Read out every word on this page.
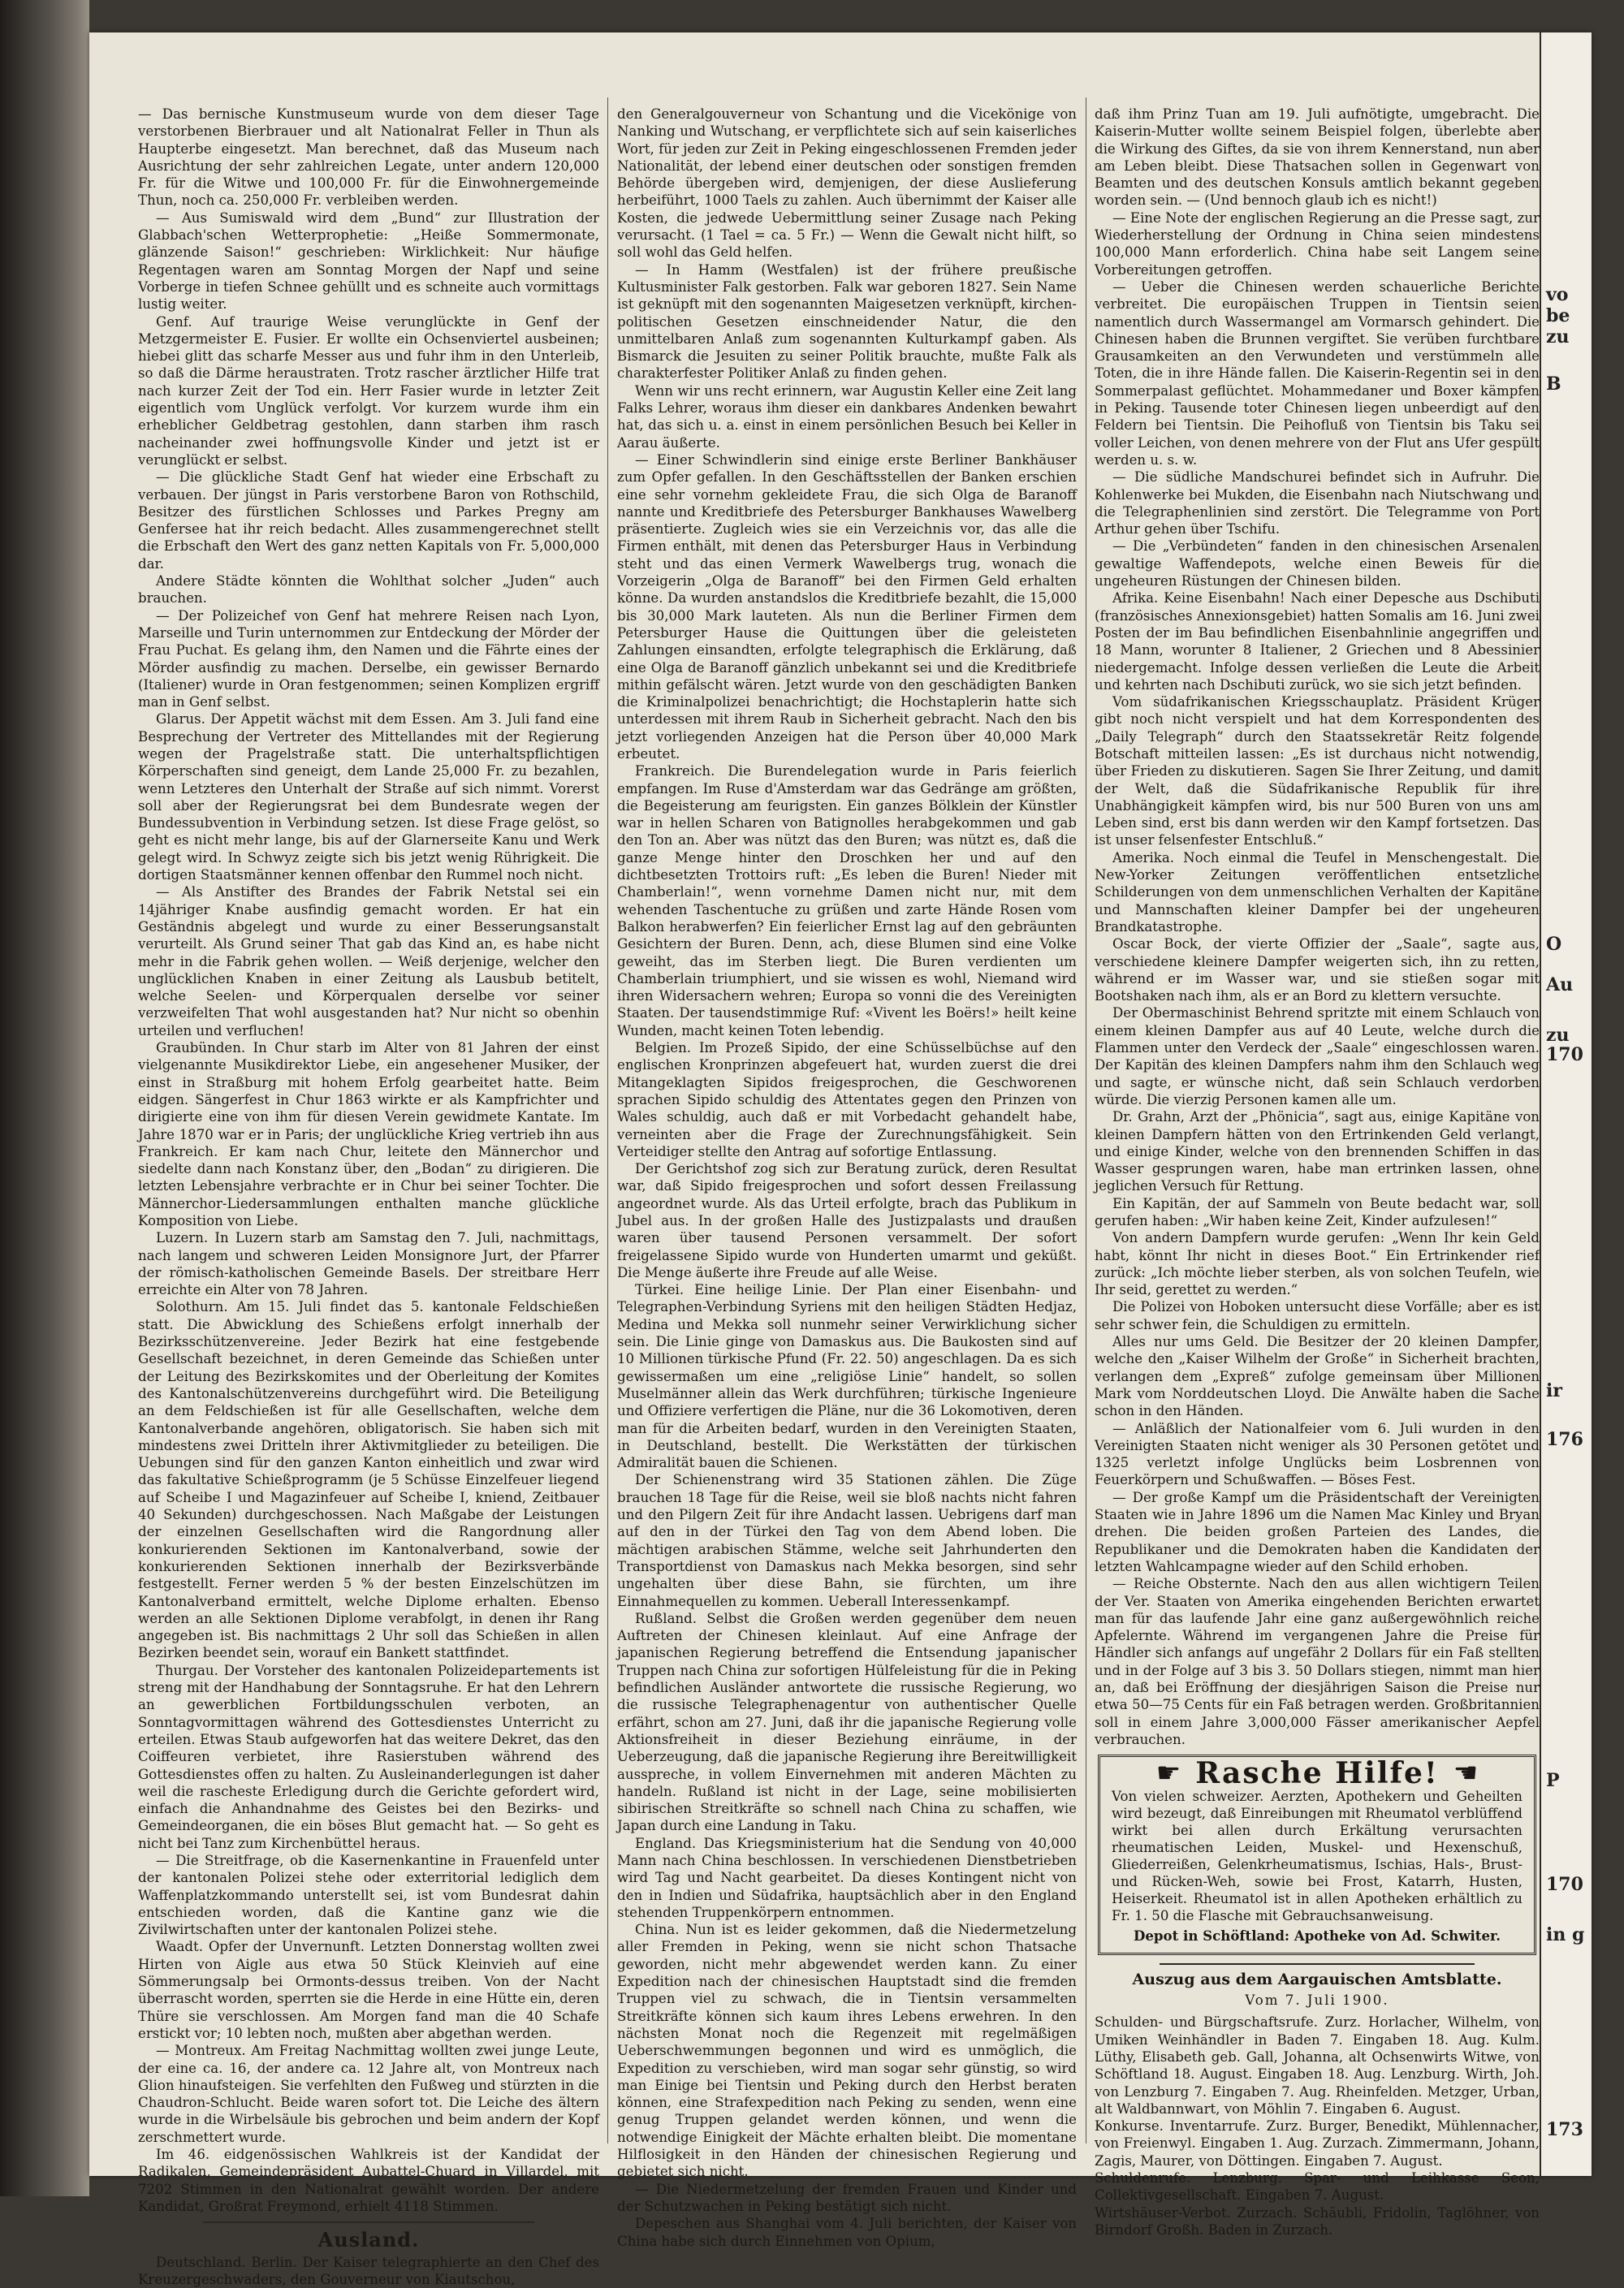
— Das bernische Kunstmuseum wurde von dem dieser Tage verstorbenen Bierbrauer und alt Nationalrat Feller in Thun als Haupterbe eingesetzt. Man berechnet, daß das Museum nach Ausrichtung der sehr zahlreichen Legate, unter andern 120,000 Fr. für die Witwe und 100,000 Fr. für die Einwohnergemeinde Thun, noch ca. 250,000 Fr. verbleiben werden.

— Aus Sumiswald wird dem „Bund“ zur Illustration der Glabbach'schen Wetterprophetie: „Heiße Sommermonate, glänzende Saison!“ geschrieben: Wirklichkeit: Nur häufige Regentagen waren am Sonntag Morgen der Napf und seine Vorberge in tiefen Schnee gehüllt und es schneite auch vormittags lustig weiter.

Genf. Auf traurige Weise verunglückte in Genf der Metzgermeister E. Fusier. Er wollte ein Ochsenviertel ausbeinen; hiebei glitt das scharfe Messer aus und fuhr ihm in den Unterleib, so daß die Därme heraustraten. Trotz rascher ärztlicher Hilfe trat nach kurzer Zeit der Tod ein. Herr Fasier wurde in letzter Zeit eigentlich vom Unglück verfolgt. Vor kurzem wurde ihm ein erheblicher Geldbetrag gestohlen, dann starben ihm rasch nacheinander zwei hoffnungsvolle Kinder und jetzt ist er verunglückt er selbst.

— Die glückliche Stadt Genf hat wieder eine Erbschaft zu verbauen. Der jüngst in Paris verstorbene Baron von Rothschild, Besitzer des fürstlichen Schlosses und Parkes Pregny am Genfersee hat ihr reich bedacht. Alles zusammengerechnet stellt die Erbschaft den Wert des ganz netten Kapitals von Fr. 5,000,000 dar.

Andere Städte könnten die Wohlthat solcher „Juden“ auch brauchen.

— Der Polizeichef von Genf hat mehrere Reisen nach Lyon, Marseille und Turin unternommen zur Entdeckung der Mörder der Frau Puchat. Es gelang ihm, den Namen und die Fährte eines der Mörder ausfindig zu machen. Derselbe, ein gewisser Bernardo (Italiener) wurde in Oran festgenommen; seinen Komplizen ergriff man in Genf selbst.

Glarus. Der Appetit wächst mit dem Essen. Am 3. Juli fand eine Besprechung der Vertreter des Mittellandes mit der Regierung wegen der Pragelstraße statt. Die unterhaltspflichtigen Körperschaften sind geneigt, dem Lande 25,000 Fr. zu bezahlen, wenn Letzteres den Unterhalt der Straße auf sich nimmt. Vorerst soll aber der Regierungsrat bei dem Bundesrate wegen der Bundessubvention in Verbindung setzen. Ist diese Frage gelöst, so geht es nicht mehr lange, bis auf der Glarnerseite Kanu und Werk gelegt wird. In Schwyz zeigte sich bis jetzt wenig Rührigkeit. Die dortigen Staatsmänner kennen offenbar den Rummel noch nicht.

— Als Anstifter des Brandes der Fabrik Netstal sei ein 14jähriger Knabe ausfindig gemacht worden. Er hat ein Geständnis abgelegt und wurde zu einer Besserungsanstalt verurteilt. Als Grund seiner That gab das Kind an, es habe nicht mehr in die Fabrik gehen wollen. — Weiß derjenige, welcher den unglücklichen Knaben in einer Zeitung als Lausbub betitelt, welche Seelen- und Körperqualen derselbe vor seiner verzweifelten That wohl ausgestanden hat? Nur nicht so obenhin urteilen und verfluchen!

Graubünden. In Chur starb im Alter von 81 Jahren der einst vielgenannte Musikdirektor Liebe, ein angesehener Musiker, der einst in Straßburg mit hohem Erfolg gearbeitet hatte. Beim eidgen. Sängerfest in Chur 1863 wirkte er als Kampfrichter und dirigierte eine von ihm für diesen Verein gewidmete Kantate. Im Jahre 1870 war er in Paris; der unglückliche Krieg vertrieb ihn aus Frankreich. Er kam nach Chur, leitete den Männerchor und siedelte dann nach Konstanz über, den „Bodan“ zu dirigieren. Die letzten Lebensjahre verbrachte er in Chur bei seiner Tochter. Die Männerchor-Liedersammlungen enthalten manche glückliche Komposition von Liebe.

Luzern. In Luzern starb am Samstag den 7. Juli, nachmittags, nach langem und schweren Leiden Monsignore Jurt, der Pfarrer der römisch-katholischen Gemeinde Basels. Der streitbare Herr erreichte ein Alter von 78 Jahren.

Solothurn. Am 15. Juli findet das 5. kantonale Feldschießen statt. Die Abwicklung des Schießens erfolgt innerhalb der Bezirksschützenvereine. Jeder Bezirk hat eine festgebende Gesellschaft bezeichnet, in deren Gemeinde das Schießen unter der Leitung des Bezirkskomites und der Oberleitung der Komites des Kantonalschützenvereins durchgeführt wird. Die Beteiligung an dem Feldschießen ist für alle Gesellschaften, welche dem Kantonalverbande angehören, obligatorisch. Sie haben sich mit mindestens zwei Dritteln ihrer Aktivmitglieder zu beteiligen. Die Uebungen sind für den ganzen Kanton einheitlich und zwar wird das fakultative Schießprogramm (je 5 Schüsse Einzelfeuer liegend auf Scheibe I und Magazinfeuer auf Scheibe I, kniend, Zeitbauer 40 Sekunden) durchgeschossen. Nach Maßgabe der Leistungen der einzelnen Gesellschaften wird die Rangordnung aller konkurierenden Sektionen im Kantonalverband, sowie der konkurierenden Sektionen innerhalb der Bezirksverbände festgestellt. Ferner werden 5 % der besten Einzelschützen im Kantonalverband ermittelt, welche Diplome erhalten. Ebenso werden an alle Sektionen Diplome verabfolgt, in denen ihr Rang angegeben ist. Bis nachmittags 2 Uhr soll das Schießen in allen Bezirken beendet sein, worauf ein Bankett stattfindet.

Thurgau. Der Vorsteher des kantonalen Polizeidepartements ist streng mit der Handhabung der Sonntagsruhe. Er hat den Lehrern an gewerblichen Fortbildungsschulen verboten, an Sonntagvormittagen während des Gottesdienstes Unterricht zu erteilen. Etwas Staub aufgeworfen hat das weitere Dekret, das den Coiffeuren verbietet, ihre Rasierstuben während des Gottesdienstes offen zu halten. Zu Ausleinanderlegungen ist daher weil die rascheste Erledigung durch die Gerichte gefordert wird, einfach die Anhandnahme des Geistes bei den Bezirks- und Gemeindeorganen, die ein böses Blut gemacht hat. — So geht es nicht bei Tanz zum Kirchenbüttel heraus.

— Die Streitfrage, ob die Kasernenkantine in Frauenfeld unter der kantonalen Polizei stehe oder exterritorial lediglich dem Waffenplatzkommando unterstellt sei, ist vom Bundesrat dahin entschieden worden, daß die Kantine ganz wie die Zivilwirtschaften unter der kantonalen Polizei stehe.

Waadt. Opfer der Unvernunft. Letzten Donnerstag wollten zwei Hirten von Aigle aus etwa 50 Stück Kleinvieh auf eine Sömmerungsalp bei Ormonts-dessus treiben. Von der Nacht überrascht worden, sperrten sie die Herde in eine Hütte ein, deren Thüre sie verschlossen. Am Morgen fand man die 40 Schafe erstickt vor; 10 lebten noch, mußten aber abgethan werden.

— Montreux. Am Freitag Nachmittag wollten zwei junge Leute, der eine ca. 16, der andere ca. 12 Jahre alt, von Montreux nach Glion hinaufsteigen. Sie verfehlten den Fußweg und stürzten in die Chaudron-Schlucht. Beide waren sofort tot. Die Leiche des ältern wurde in die Wirbelsäule bis gebrochen und beim andern der Kopf zerschmettert wurde.

Im 46. eidgenössischen Wahlkreis ist der Kandidat der Radikalen, Gemeindepräsident Aubattel-Chuard in Villardel, mit 7202 Stimmen in den Nationalrat gewählt worden. Der andere Kandidat, Großrat Freymond, erhielt 4118 Stimmen.

Ausland.

Deutschland. Berlin. Der Kaiser telegraphierte an den Chef des Kreuzergeschwaders, den Gouverneur von Kiautschou,

den Generalgouverneur von Schantung und die Vicekönige von Nanking und Wutschang, er verpflichtete sich auf sein kaiserliches Wort, für jeden zur Zeit in Peking eingeschlossenen Fremden jeder Nationalität, der lebend einer deutschen oder sonstigen fremden Behörde übergeben wird, demjenigen, der diese Auslieferung herbeiführt, 1000 Taels zu zahlen. Auch übernimmt der Kaiser alle Kosten, die jedwede Uebermittlung seiner Zusage nach Peking verursacht. (1 Tael = ca. 5 Fr.) — Wenn die Gewalt nicht hilft, so soll wohl das Geld helfen.

— In Hamm (Westfalen) ist der frühere preußische Kultusminister Falk gestorben. Falk war geboren 1827. Sein Name ist geknüpft mit den sogenannten Maigesetzen verknüpft, kirchen-politischen Gesetzen einschneidender Natur, die den unmittelbaren Anlaß zum sogenannten Kulturkampf gaben. Als Bismarck die Jesuiten zu seiner Politik brauchte, mußte Falk als charakterfester Politiker Anlaß zu finden gehen.

Wenn wir uns recht erinnern, war Augustin Keller eine Zeit lang Falks Lehrer, woraus ihm dieser ein dankbares Andenken bewahrt hat, das sich u. a. einst in einem persönlichen Besuch bei Keller in Aarau äußerte.

— Einer Schwindlerin sind einige erste Berliner Bankhäuser zum Opfer gefallen. In den Geschäftsstellen der Banken erschien eine sehr vornehm gekleidete Frau, die sich Olga de Baranoff nannte und Kreditbriefe des Petersburger Bankhauses Wawelberg präsentierte. Zugleich wies sie ein Verzeichnis vor, das alle die Firmen enthält, mit denen das Petersburger Haus in Verbindung steht und das einen Vermerk Wawelbergs trug, wonach die Vorzeigerin „Olga de Baranoff“ bei den Firmen Geld erhalten könne. Da wurden anstandslos die Kreditbriefe bezahlt, die 15,000 bis 30,000 Mark lauteten. Als nun die Berliner Firmen dem Petersburger Hause die Quittungen über die geleisteten Zahlungen einsandten, erfolgte telegraphisch die Erklärung, daß eine Olga de Baranoff gänzlich unbekannt sei und die Kreditbriefe mithin gefälscht wären. Jetzt wurde von den geschädigten Banken die Kriminalpolizei benachrichtigt; die Hochstaplerin hatte sich unterdessen mit ihrem Raub in Sicherheit gebracht. Nach den bis jetzt vorliegenden Anzeigen hat die Person über 40,000 Mark erbeutet.

Frankreich. Die Burendelegation wurde in Paris feierlich empfangen. Im Ruse d'Amsterdam war das Gedränge am größten, die Begeisterung am feurigsten. Ein ganzes Bölklein der Künstler war in hellen Scharen von Batignolles herabgekommen und gab den Ton an. Aber was nützt das den Buren; was nützt es, daß die ganze Menge hinter den Droschken her und auf den dichtbesetzten Trottoirs ruft: „Es leben die Buren! Nieder mit Chamberlain!“, wenn vornehme Damen nicht nur, mit dem wehenden Taschentuche zu grüßen und zarte Hände Rosen vom Balkon herabwerfen? Ein feierlicher Ernst lag auf den gebräunten Gesichtern der Buren. Denn, ach, diese Blumen sind eine Volke geweiht, das im Sterben liegt. Die Buren verdienten um Chamberlain triumphiert, und sie wissen es wohl, Niemand wird ihren Widersachern wehren; Europa so vonni die des Vereinigten Staaten. Der tausendstimmige Ruf: «Vivent les Boërs!» heilt keine Wunden, macht keinen Toten lebendig.

Belgien. Im Prozeß Sipido, der eine Schüsselbüchse auf den englischen Kronprinzen abgefeuert hat, wurden zuerst die drei Mitangeklagten Sipidos freigesprochen, die Geschworenen sprachen Sipido schuldig des Attentates gegen den Prinzen von Wales schuldig, auch daß er mit Vorbedacht gehandelt habe, verneinten aber die Frage der Zurechnungsfähigkeit. Sein Verteidiger stellte den Antrag auf sofortige Entlassung.

Der Gerichtshof zog sich zur Beratung zurück, deren Resultat war, daß Sipido freigesprochen und sofort dessen Freilassung angeordnet wurde. Als das Urteil erfolgte, brach das Publikum in Jubel aus. In der großen Halle des Justizpalasts und draußen waren über tausend Personen versammelt. Der sofort freigelassene Sipido wurde von Hunderten umarmt und geküßt. Die Menge äußerte ihre Freude auf alle Weise.

Türkei. Eine heilige Linie. Der Plan einer Eisenbahn- und Telegraphen-Verbindung Syriens mit den heiligen Städten Hedjaz, Medina und Mekka soll nunmehr seiner Verwirklichung sicher sein. Die Linie ginge von Damaskus aus. Die Baukosten sind auf 10 Millionen türkische Pfund (Fr. 22. 50) angeschlagen. Da es sich gewissermaßen um eine „religiöse Linie“ handelt, so sollen Muselmänner allein das Werk durchführen; türkische Ingenieure und Offiziere verfertigen die Pläne, nur die 36 Lokomotiven, deren man für die Arbeiten bedarf, wurden in den Vereinigten Staaten, in Deutschland, bestellt. Die Werkstätten der türkischen Admiralität bauen die Schienen.

Der Schienenstrang wird 35 Stationen zählen. Die Züge brauchen 18 Tage für die Reise, weil sie bloß nachts nicht fahren und den Pilgern Zeit für ihre Andacht lassen. Uebrigens darf man auf den in der Türkei den Tag von dem Abend loben. Die mächtigen arabischen Stämme, welche seit Jahrhunderten den Transportdienst von Damaskus nach Mekka besorgen, sind sehr ungehalten über diese Bahn, sie fürchten, um ihre Einnahmequellen zu kommen. Ueberall Interessenkampf.

Rußland. Selbst die Großen werden gegenüber dem neuen Auftreten der Chinesen kleinlaut. Auf eine Anfrage der japanischen Regierung betreffend die Entsendung japanischer Truppen nach China zur sofortigen Hülfeleistung für die in Peking befindlichen Ausländer antwortete die russische Regierung, wo die russische Telegraphenagentur von authentischer Quelle erfährt, schon am 27. Juni, daß ihr die japanische Regierung volle Aktionsfreiheit in dieser Beziehung einräume, in der Ueberzeugung, daß die japanische Regierung ihre Bereitwilligkeit ausspreche, in vollem Einvernehmen mit anderen Mächten zu handeln. Rußland ist nicht in der Lage, seine mobilisierten sibirischen Streitkräfte so schnell nach China zu schaffen, wie Japan durch eine Landung in Taku.

England. Das Kriegsministerium hat die Sendung von 40,000 Mann nach China beschlossen. In verschiedenen Dienstbetrieben wird Tag und Nacht gearbeitet. Da dieses Kontingent nicht von den in Indien und Südafrika, hauptsächlich aber in den England stehenden Truppenkörpern entnommen.

China. Nun ist es leider gekommen, daß die Niedermetzelung aller Fremden in Peking, wenn sie nicht schon Thatsache geworden, nicht mehr abgewendet werden kann. Zu einer Expedition nach der chinesischen Hauptstadt sind die fremden Truppen viel zu schwach, die in Tientsin versammelten Streitkräfte können sich kaum ihres Lebens erwehren. In den nächsten Monat noch die Regenzeit mit regelmäßigen Ueberschwemmungen begonnen und wird es unmöglich, die Expedition zu verschieben, wird man sogar sehr günstig, so wird man Einige bei Tientsin und Peking durch den Herbst beraten können, eine Strafexpedition nach Peking zu senden, wenn eine genug Truppen gelandet werden können, und wenn die notwendige Einigkeit der Mächte erhalten bleibt. Die momentane Hilflosigkeit in den Händen der chinesischen Regierung und gebietet sich nicht.

— Die Niedermetzelung der fremden Frauen und Kinder und der Schutzwachen in Peking bestätigt sich nicht.

Depeschen aus Shanghai vom 4. Juli berichten, der Kaiser von China habe sich durch Einnehmen von Opium,

daß ihm Prinz Tuan am 19. Juli aufnötigte, umgebracht. Die Kaiserin-Mutter wollte seinem Beispiel folgen, überlebte aber die Wirkung des Giftes, da sie von ihrem Kennerstand, nun aber am Leben bleibt. Diese Thatsachen sollen in Gegenwart von Beamten und des deutschen Konsuls amtlich bekannt gegeben worden sein. — (Und bennoch glaub ich es nicht!)

— Eine Note der englischen Regierung an die Presse sagt, zur Wiederherstellung der Ordnung in China seien mindestens 100,000 Mann erforderlich. China habe seit Langem seine Vorbereitungen getroffen.

— Ueber die Chinesen werden schauerliche Berichte verbreitet. Die europäischen Truppen in Tientsin seien namentlich durch Wassermangel am Vormarsch gehindert. Die Chinesen haben die Brunnen vergiftet. Sie verüben furchtbare Grausamkeiten an den Verwundeten und verstümmeln alle Toten, die in ihre Hände fallen. Die Kaiserin-Regentin sei in den Sommerpalast geflüchtet. Mohammedaner und Boxer kämpfen in Peking. Tausende toter Chinesen liegen unbeerdigt auf den Feldern bei Tientsin. Die Peihofluß von Tientsin bis Taku sei voller Leichen, von denen mehrere von der Flut ans Ufer gespült werden u. s. w.

— Die südliche Mandschurei befindet sich in Aufruhr. Die Kohlenwerke bei Mukden, die Eisenbahn nach Niutschwang und die Telegraphenlinien sind zerstört. Die Telegramme von Port Arthur gehen über Tschifu.

— Die „Verbündeten“ fanden in den chinesischen Arsenalen gewaltige Waffendepots, welche einen Beweis für die ungeheuren Rüstungen der Chinesen bilden.

Afrika. Keine Eisenbahn! Nach einer Depesche aus Dschibuti (französisches Annexionsgebiet) hatten Somalis am 16. Juni zwei Posten der im Bau befindlichen Eisenbahnlinie angegriffen und 18 Mann, worunter 8 Italiener, 2 Griechen und 8 Abessinier niedergemacht. Infolge dessen verließen die Leute die Arbeit und kehrten nach Dschibuti zurück, wo sie sich jetzt befinden.

Vom südafrikanischen Kriegsschauplatz. Präsident Krüger gibt noch nicht verspielt und hat dem Korrespondenten des „Daily Telegraph“ durch den Staatssekretär Reitz folgende Botschaft mitteilen lassen: „Es ist durchaus nicht notwendig, über Frieden zu diskutieren. Sagen Sie Ihrer Zeitung, und damit der Welt, daß die Südafrikanische Republik für ihre Unabhängigkeit kämpfen wird, bis nur 500 Buren von uns am Leben sind, erst bis dann werden wir den Kampf fortsetzen. Das ist unser felsenfester Entschluß.“

Amerika. Noch einmal die Teufel in Menschengestalt. Die New-Yorker Zeitungen veröffentlichen entsetzliche Schilderungen von dem unmenschlichen Verhalten der Kapitäne und Mannschaften kleiner Dampfer bei der ungeheuren Brandkatastrophe.

Oscar Bock, der vierte Offizier der „Saale“, sagte aus, verschiedene kleinere Dampfer weigerten sich, ihn zu retten, während er im Wasser war, und sie stießen sogar mit Bootshaken nach ihm, als er an Bord zu klettern versuchte.

Der Obermaschinist Behrend spritzte mit einem Schlauch von einem kleinen Dampfer aus auf 40 Leute, welche durch die Flammen unter den Verdeck der „Saale“ eingeschlossen waren. Der Kapitän des kleinen Dampfers nahm ihm den Schlauch weg und sagte, er wünsche nicht, daß sein Schlauch verdorben würde. Die vierzig Personen kamen alle um.

Dr. Grahn, Arzt der „Phönicia“, sagt aus, einige Kapitäne von kleinen Dampfern hätten von den Ertrinkenden Geld verlangt, und einige Kinder, welche von den brennenden Schiffen in das Wasser gesprungen waren, habe man ertrinken lassen, ohne jeglichen Versuch für Rettung.

Ein Kapitän, der auf Sammeln von Beute bedacht war, soll gerufen haben: „Wir haben keine Zeit, Kinder aufzulesen!“

Von andern Dampfern wurde gerufen: „Wenn Ihr kein Geld habt, könnt Ihr nicht in dieses Boot.“ Ein Ertrinkender rief zurück: „Ich möchte lieber sterben, als von solchen Teufeln, wie Ihr seid, gerettet zu werden.“

Die Polizei von Hoboken untersucht diese Vorfälle; aber es ist sehr schwer fein, die Schuldigen zu ermitteln.

Alles nur ums Geld. Die Besitzer der 20 kleinen Dampfer, welche den „Kaiser Wilhelm der Große“ in Sicherheit brachten, verlangen dem „Expreß“ zufolge gemeinsam über Millionen Mark vom Norddeutschen Lloyd. Die Anwälte haben die Sache schon in den Händen.

— Anläßlich der Nationalfeier vom 6. Juli wurden in den Vereinigten Staaten nicht weniger als 30 Personen getötet und 1325 verletzt infolge Unglücks beim Losbrennen von Feuerkörpern und Schußwaffen. — Böses Fest.

— Der große Kampf um die Präsidentschaft der Vereinigten Staaten wie in Jahre 1896 um die Namen Mac Kinley und Bryan drehen. Die beiden großen Parteien des Landes, die Republikaner und die Demokraten haben die Kandidaten der letzten Wahlcampagne wieder auf den Schild erhoben.

— Reiche Obsternte. Nach den aus allen wichtigern Teilen der Ver. Staaten von Amerika eingehenden Berichten erwartet man für das laufende Jahr eine ganz außergewöhnlich reiche Apfelernte. Während im vergangenen Jahre die Preise für Händler sich anfangs auf ungefähr 2 Dollars für ein Faß stellten und in der Folge auf 3 bis 3. 50 Dollars stiegen, nimmt man hier an, daß bei Eröffnung der diesjährigen Saison die Preise nur etwa 50—75 Cents für ein Faß betragen werden. Großbritannien soll in einem Jahre 3,000,000 Fässer amerikanischer Aepfel verbrauchen.

☛ Rasche Hilfe! ☚
Von vielen schweizer. Aerzten, Apothekern und Geheilten wird bezeugt, daß Einreibungen mit Rheumatol verblüffend wirkt bei allen durch Erkältung verursachten rheumatischen Leiden, Muskel- und Hexenschuß, Gliederreißen, Gelenkrheumatismus, Ischias, Hals-, Brust- und Rücken-Weh, sowie bei Frost, Katarrh, Husten, Heiserkeit. Rheumatol ist in allen Apotheken erhältlich zu Fr. 1. 50 die Flasche mit Gebrauchsanweisung.
Depot in Schöftland: Apotheke von Ad. Schwiter.
Auszug aus dem Aargauischen Amtsblatte.
Vom 7. Juli 1900.

Schulden- und Bürgschaftsrufe. Zurz. Horlacher, Wilhelm, von Umiken Weinhändler in Baden 7. Eingaben 18. Aug. Kulm. Lüthy, Elisabeth geb. Gall, Johanna, alt Ochsenwirts Witwe, von Schöftland 18. August. Eingaben 18. Aug. Lenzburg. Wirth, Joh. von Lenzburg 7. Eingaben 7. Aug. Rheinfelden. Metzger, Urban, alt Waldbannwart, von Möhlin 7. Eingaben 6. August.

Konkurse. Inventarrufe. Zurz. Burger, Benedikt, Mühlennacher, von Freienwyl. Eingaben 1. Aug. Zurzach. Zimmermann, Johann, Zagis, Maurer, von Döttingen. Eingaben 7. August.

Schuldenrufe. Lenzburg. Spar- und Leihkasse Seon, Collektivgesellschaft. Eingaben 7. August.

Wirtshäuser-Verbot. Zurzach. Schäubli, Fridolin, Taglöhner, von Birndorf Großh. Baden in Zurzach.

vo
be
zu
B
O
Au
zu
170
ir
176
P
170
in g
173
